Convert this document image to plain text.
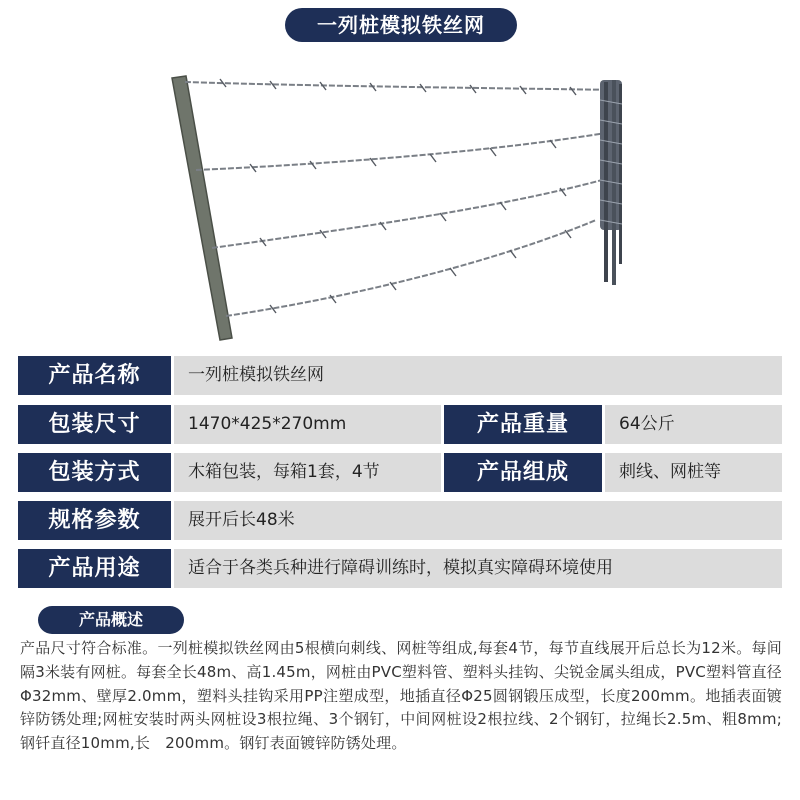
一列桩模拟铁丝网
产品名称	一列桩模拟铁丝网
包装尺寸	1470*425*270mm	产品重量	64公斤
包装方式	木箱包装，每箱1套，4节	产品组成	刺线、网桩等
规格参数	展开后长48米
产品用途	适合于各类兵种进行障碍训练时，模拟真实障碍环境使用
产品概述
产品尺寸符合标准。一列桩模拟铁丝网由5根横向刺线、网桩等组成,每套4节，每节直线展开后总长为12米。每间隔3米装有网桩。每套全长48m、高1.45m，网桩由PVC塑料管、塑料头挂钩、尖锐金属头组成，PVC塑料管直径Φ32mm、壁厚2.0mm，塑料头挂钩采用PP注塑成型，地插直径Φ25圆钢锻压成型，长度200mm。地插表面镀锌防锈处理;网桩安装时两头网桩设3根拉绳、3个钢钉，中间网桩设2根拉线、2个钢钉，拉绳长2.5m、粗8mm;钢钎直径10mm,长　200mm。钢钉表面镀锌防锈处理。
